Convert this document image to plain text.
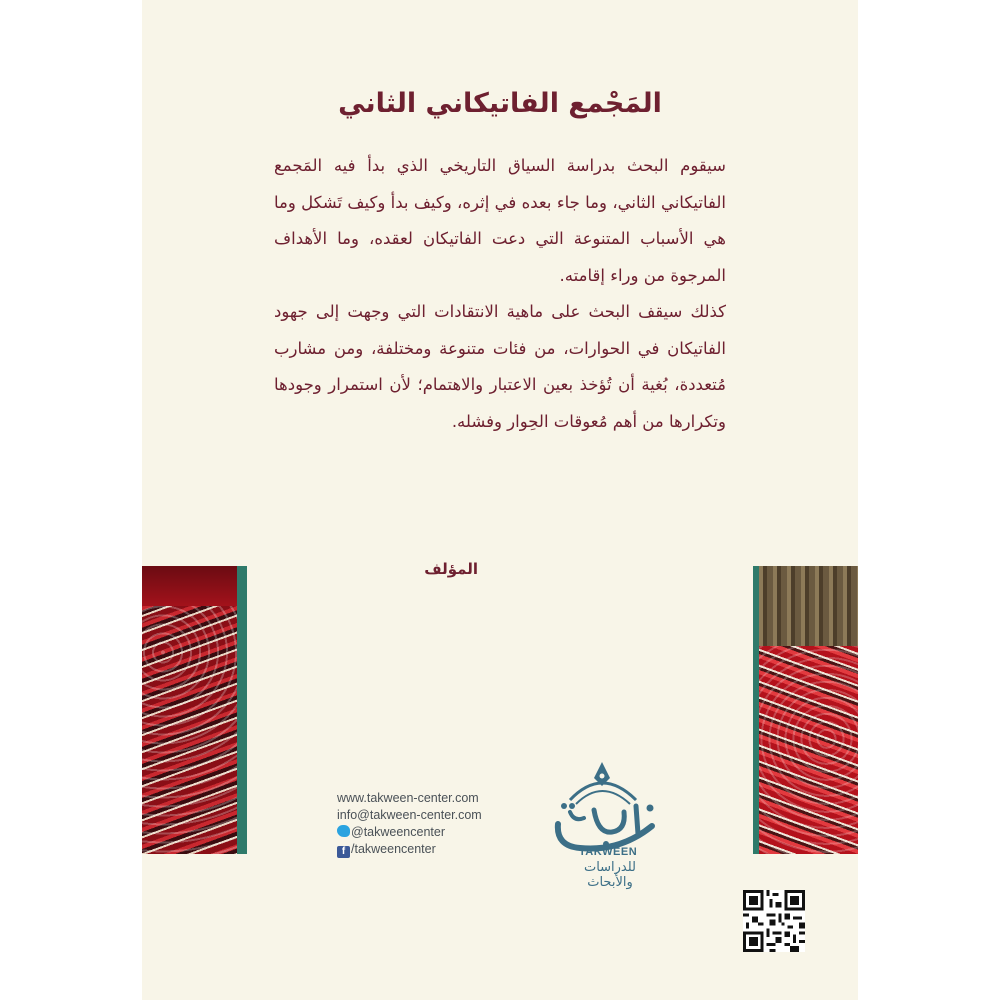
المَجْمع الفاتيكاني الثاني

سيقوم البحث بدراسة السياق التاريخي الذي بدأ فيه المَجمع الفاتيكاني الثاني، وما جاء بعده في إثره، وكيف بدأ وكيف تَشكل وما هي الأسباب المتنوعة التي دعت الفاتيكان لعقده، وما الأهداف المرجوة من وراء إقامته.

كذلك سيقف البحث على ماهية الانتقادات التي وجهت إلى جهود الفاتيكان في الحوارات، من فئات متنوعة ومختلفة، ومن مشارب مُتعددة، بُغية أن تُؤخذ بعين الاعتبار والاهتمام؛ لأن استمرار وجودها وتكرارها من أهم مُعوقات الحِوار وفشله.

المؤلف
www.takween-center.com
info@takween-center.com
@takweencenter
f /takweencenter	TAKWEEN
للدراسات والأبحاث
